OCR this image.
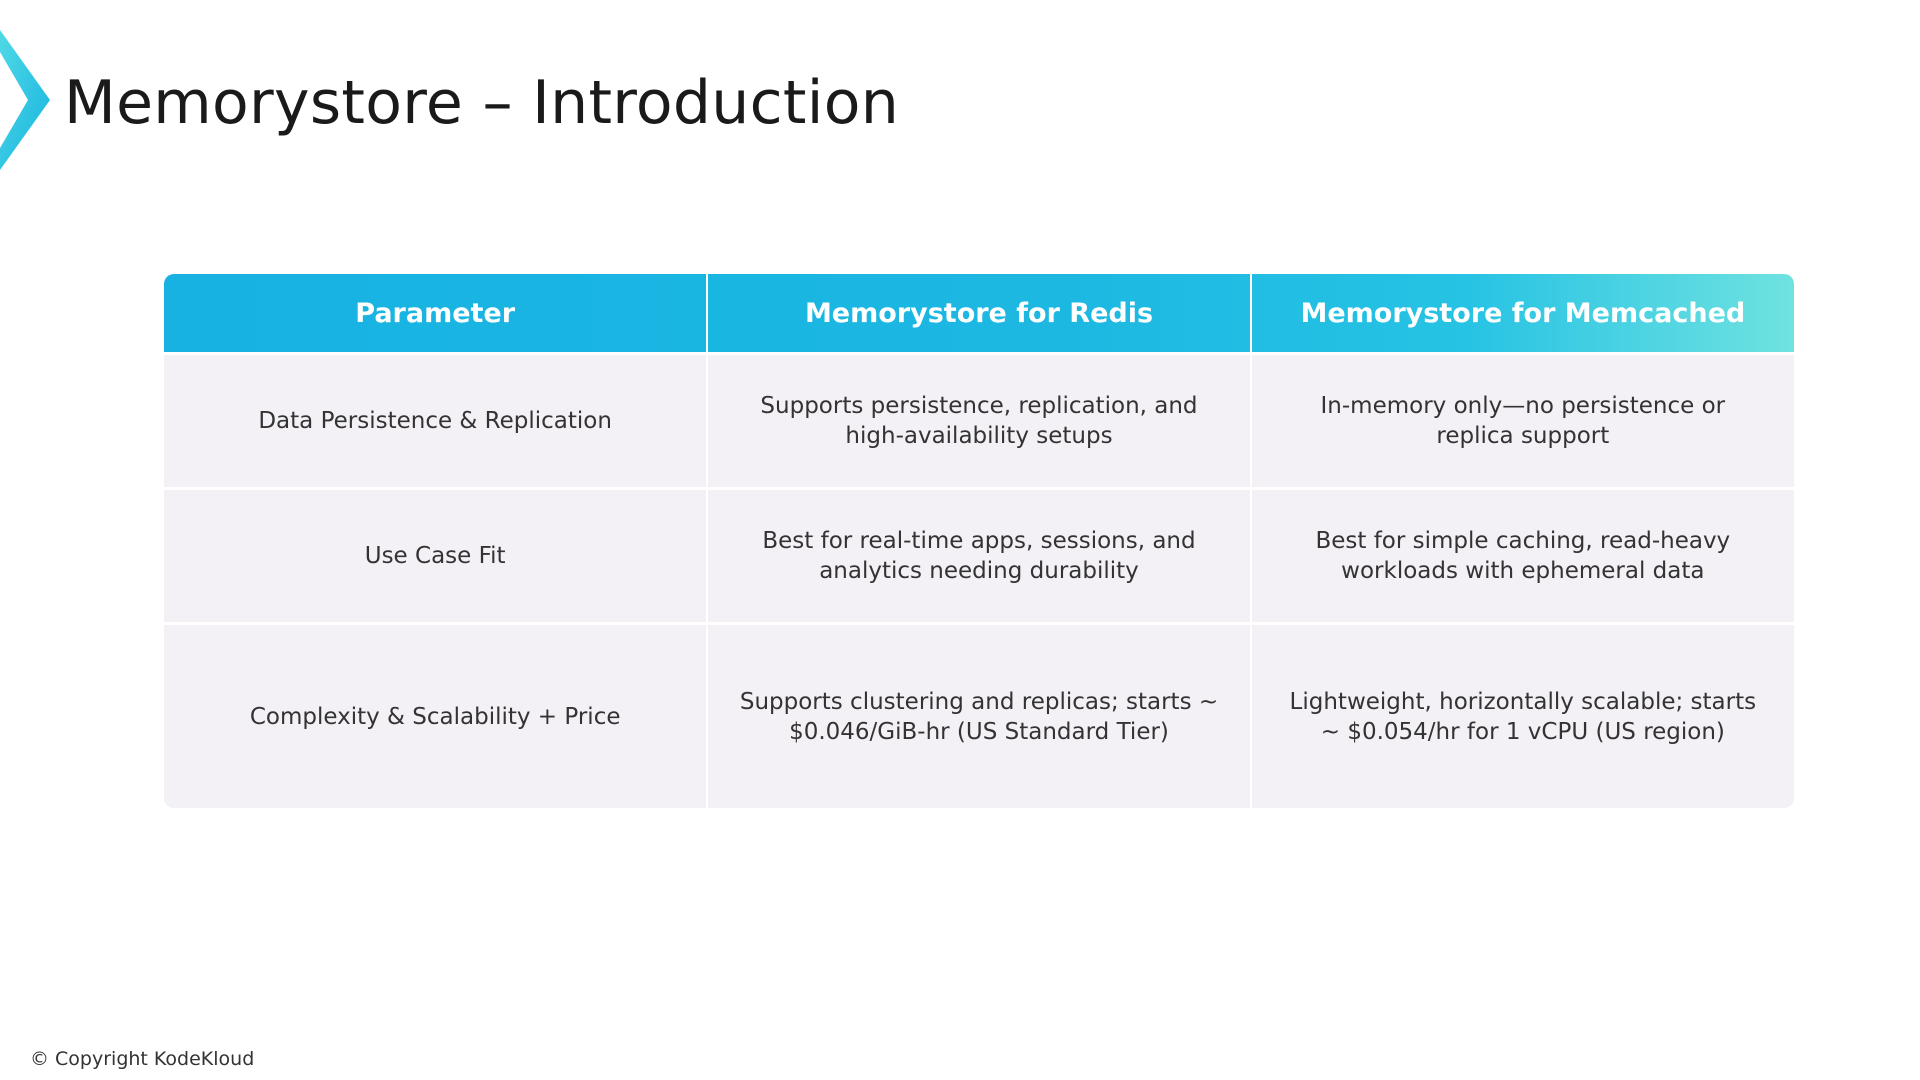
Memorystore – Introduction
Parameter	Memorystore for Redis	Memorystore for Memcached
Data Persistence & Replication	Supports persistence, replication, and high-availability setups	In-memory only—no persistence or replica support
Use Case Fit	Best for real-time apps, sessions, and analytics needing durability	Best for simple caching, read-heavy workloads with ephemeral data
Complexity & Scalability + Price	Supports clustering and replicas; starts ~ $0.046/GiB-hr (US Standard Tier)	Lightweight, horizontally scalable; starts ~ $0.054/hr for 1 vCPU (US region)
© Copyright KodeKloud
